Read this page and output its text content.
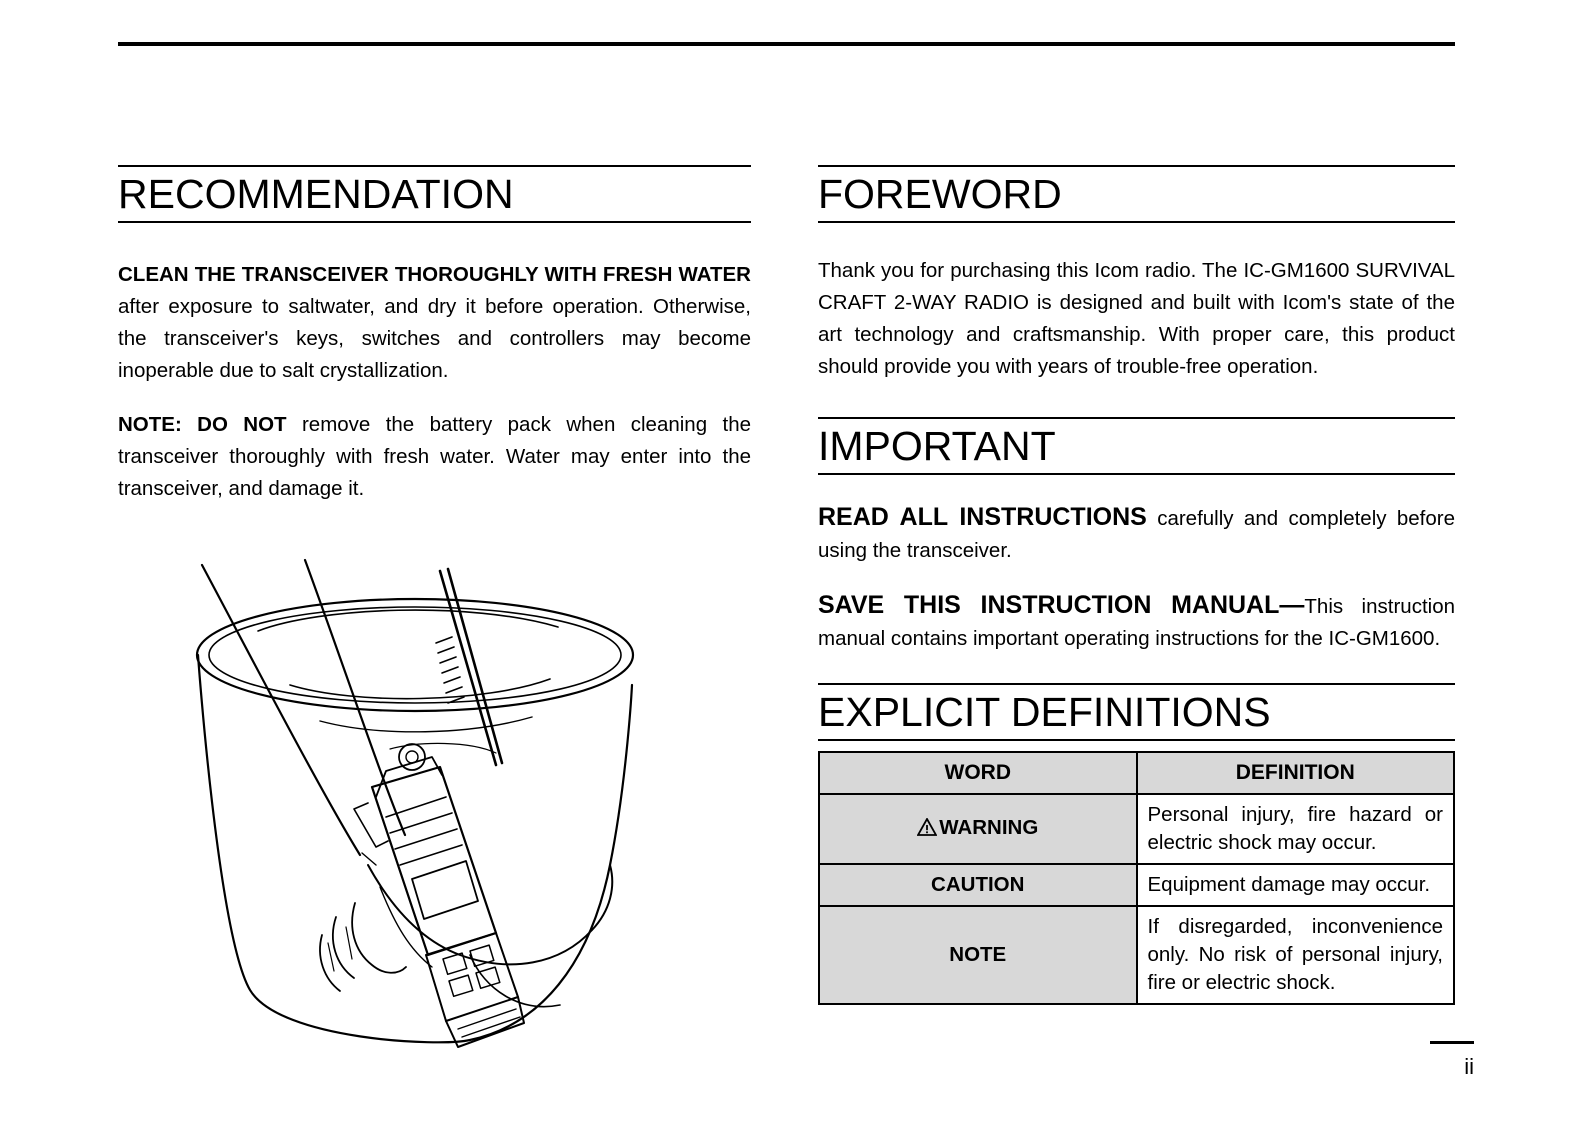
RECOMMENDATION

CLEAN THE TRANSCEIVER THOROUGHLY WITH FRESH WATER after exposure to saltwater, and dry it before operation. Otherwise, the transceiver's keys, switches and controllers may become inoperable due to salt crystallization.

NOTE: DO NOT remove the battery pack when cleaning the transceiver thoroughly with fresh water. Water may enter into the transceiver, and damage it.

FOREWORD

Thank you for purchasing this Icom radio. The IC-GM1600 SURVIVAL CRAFT 2-WAY RADIO is designed and built with Icom's state of the art technology and craftsmanship. With proper care, this product should provide you with years of trouble-free operation.

IMPORTANT

READ ALL INSTRUCTIONS carefully and completely before using the transceiver.

SAVE THIS INSTRUCTION MANUAL—This instruction manual contains important operating instructions for the IC-GM1600.

EXPLICIT DEFINITIONS
WORD	DEFINITION
WARNING	Personal injury, fire hazard or electric shock may occur.
CAUTION	Equipment damage may occur.
NOTE	If disregarded, inconvenience only. No risk of personal injury, fire or electric shock.
ii
